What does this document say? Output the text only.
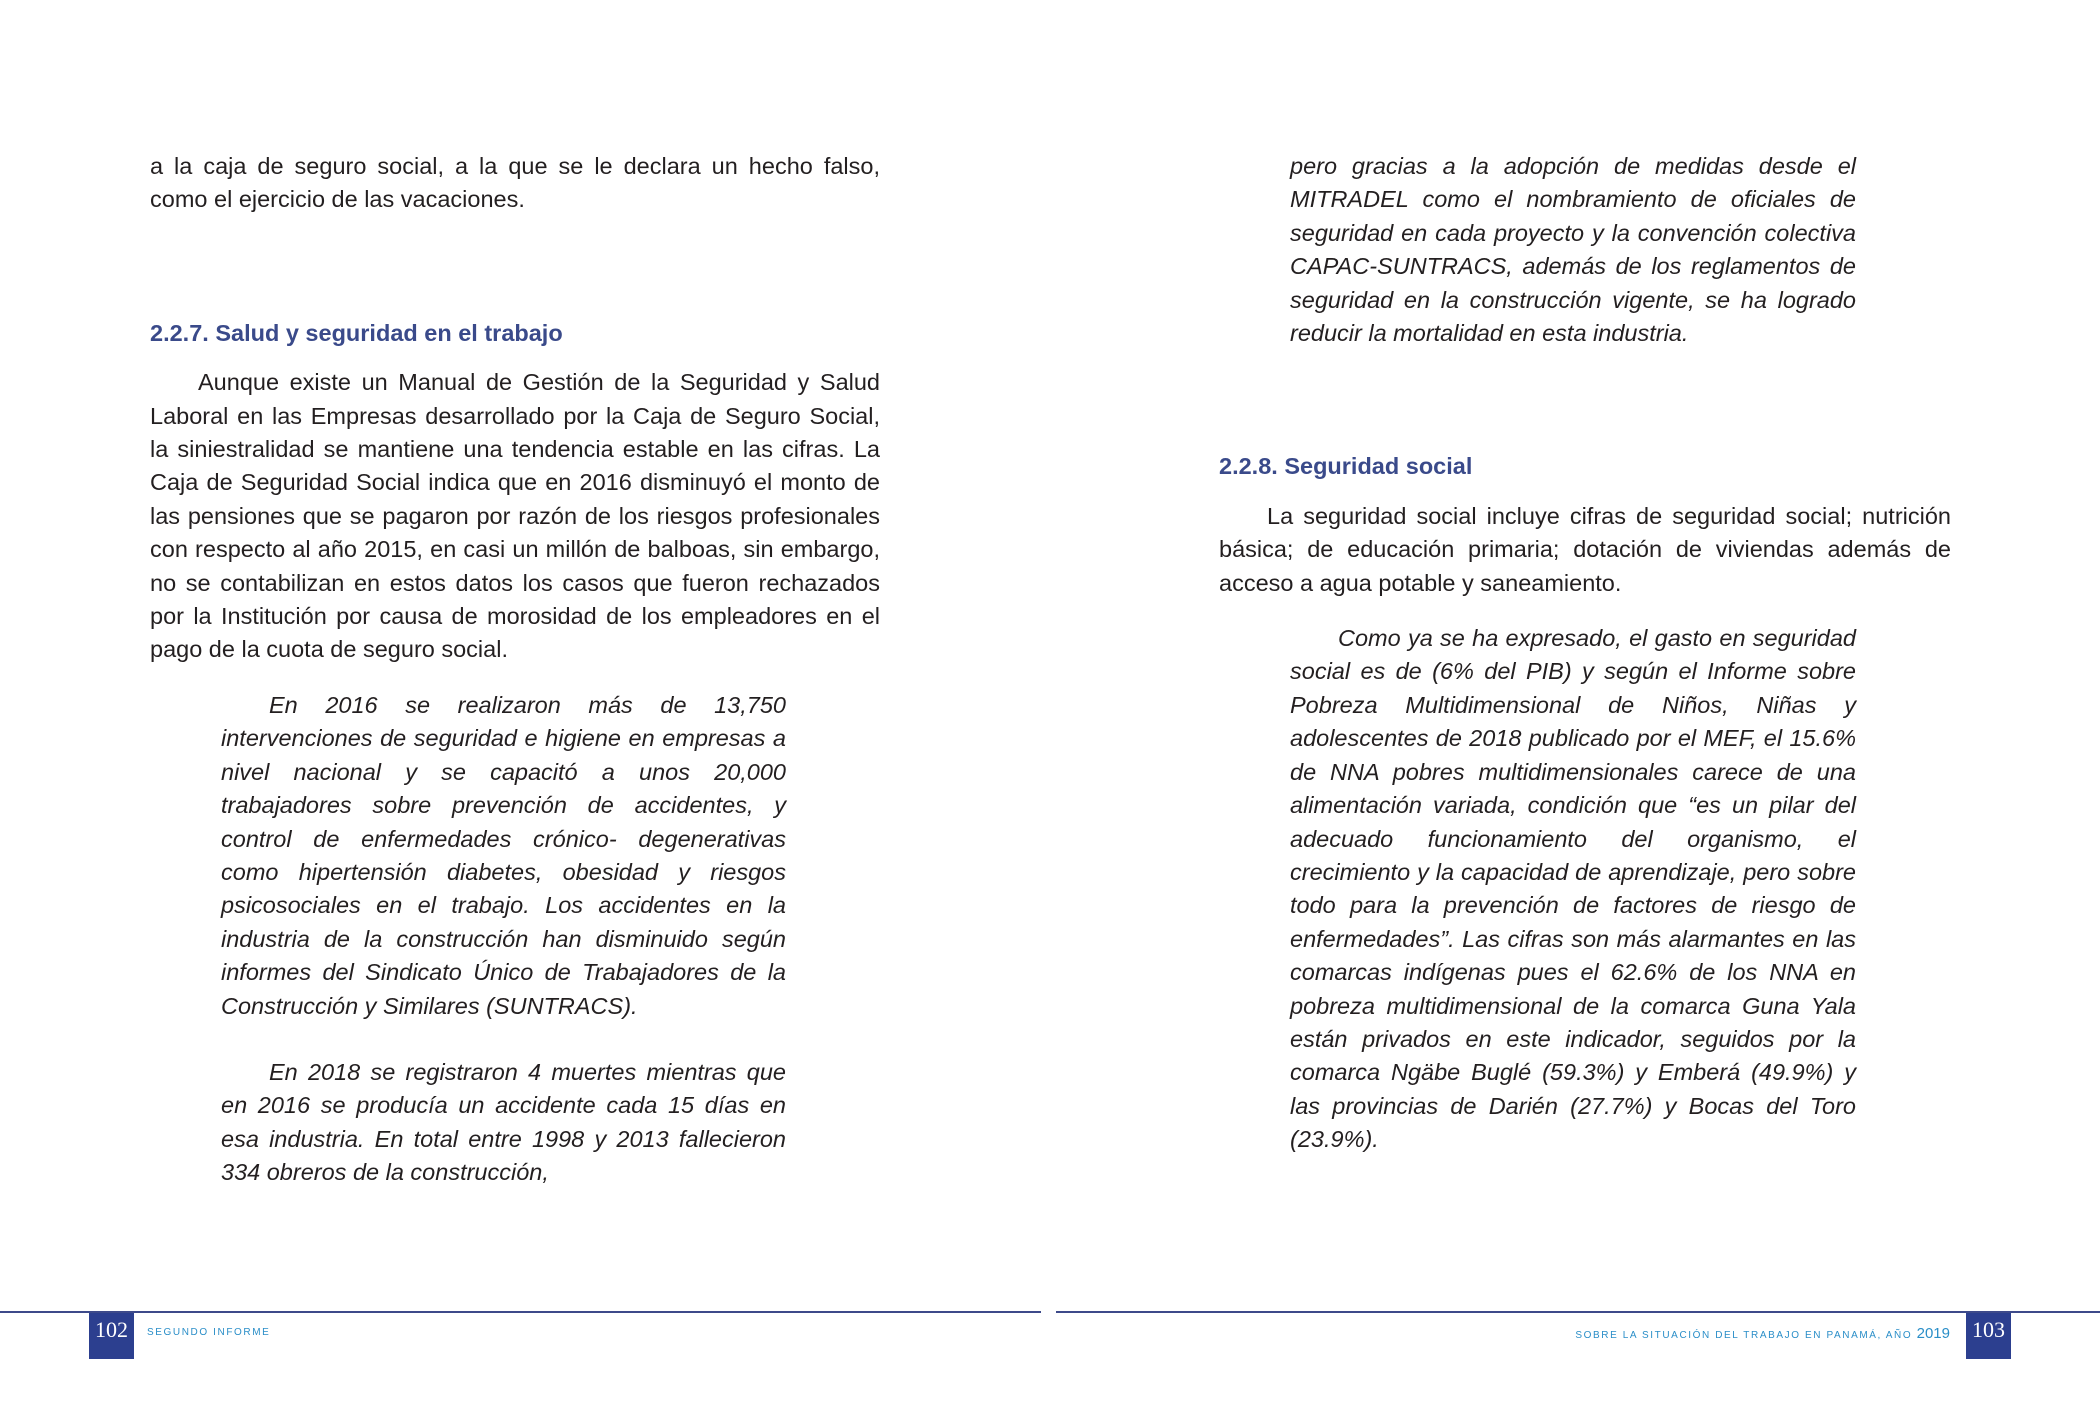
a la caja de seguro social, a la que se le declara un hecho falso, como el ejercicio de las vacaciones.

2.2.7. Salud y seguridad en el trabajo

Aunque existe un Manual de Gestión de la Seguridad y Salud Laboral en las Empresas desarrollado por la Caja de Seguro Social, la siniestralidad se mantiene una tendencia estable en las cifras. La Caja de Seguridad Social indica que en 2016 disminuyó el monto de las pensiones que se pagaron por razón de los riesgos profesionales con respecto al año 2015, en casi un millón de balboas, sin embargo, no se contabilizan en estos datos los casos que fueron rechazados por la Institución por causa de morosidad de los empleadores en el pago de la cuota de seguro social.

En 2016 se realizaron más de 13,750 intervenciones de seguridad e higiene en empresas a nivel nacional y se capacitó a unos 20,000 trabajadores sobre prevención de accidentes, y control de enfermedades crónico- degenerativas como hipertensión diabetes, obesidad y riesgos psicosociales en el trabajo. Los accidentes en la industria de la construcción han disminuido según informes del Sindicato Único de Trabajadores de la Construcción y Similares (SUNTRACS).

En 2018 se registraron 4 muertes mientras que en 2016 se producía un accidente cada 15 días en esa industria. En total entre 1998 y 2013 fallecieron 334 obreros de la construcción,

pero gracias a la adopción de medidas desde el MITRADEL como el nombramiento de oficiales de seguridad en cada proyecto y la convención colectiva CAPAC-SUNTRACS, además de los reglamentos de seguridad en la construcción vigente, se ha logrado reducir la mortalidad en esta industria.

2.2.8. Seguridad social

La seguridad social incluye cifras de seguridad social; nutrición básica; de educación primaria; dotación de viviendas además de acceso a agua potable y saneamiento.

Como ya se ha expresado, el gasto en seguridad social es de (6% del PIB) y según el Informe sobre Pobreza Multidimensional de Niños, Niñas y adolescentes de 2018 publicado por el MEF, el 15.6% de NNA pobres multidimensionales carece de una alimentación variada, condición que “es un pilar del adecuado funcionamiento del organismo, el crecimiento y la capacidad de aprendizaje, pero sobre todo para la prevención de factores de riesgo de enfermedades”. Las cifras son más alarmantes en las comarcas indígenas pues el 62.6% de los NNA en pobreza multidimensional de la comarca Guna Yala están privados en este indicador, seguidos por la comarca Ngäbe Buglé (59.3%) y Emberá (49.9%) y las provincias de Darién (27.7%) y Bocas del Toro (23.9%).

102	SEGUNDO INFORME	SOBRE LA SITUACIÓN DEL TRABAJO EN PANAMÁ, AÑO 2019 103
